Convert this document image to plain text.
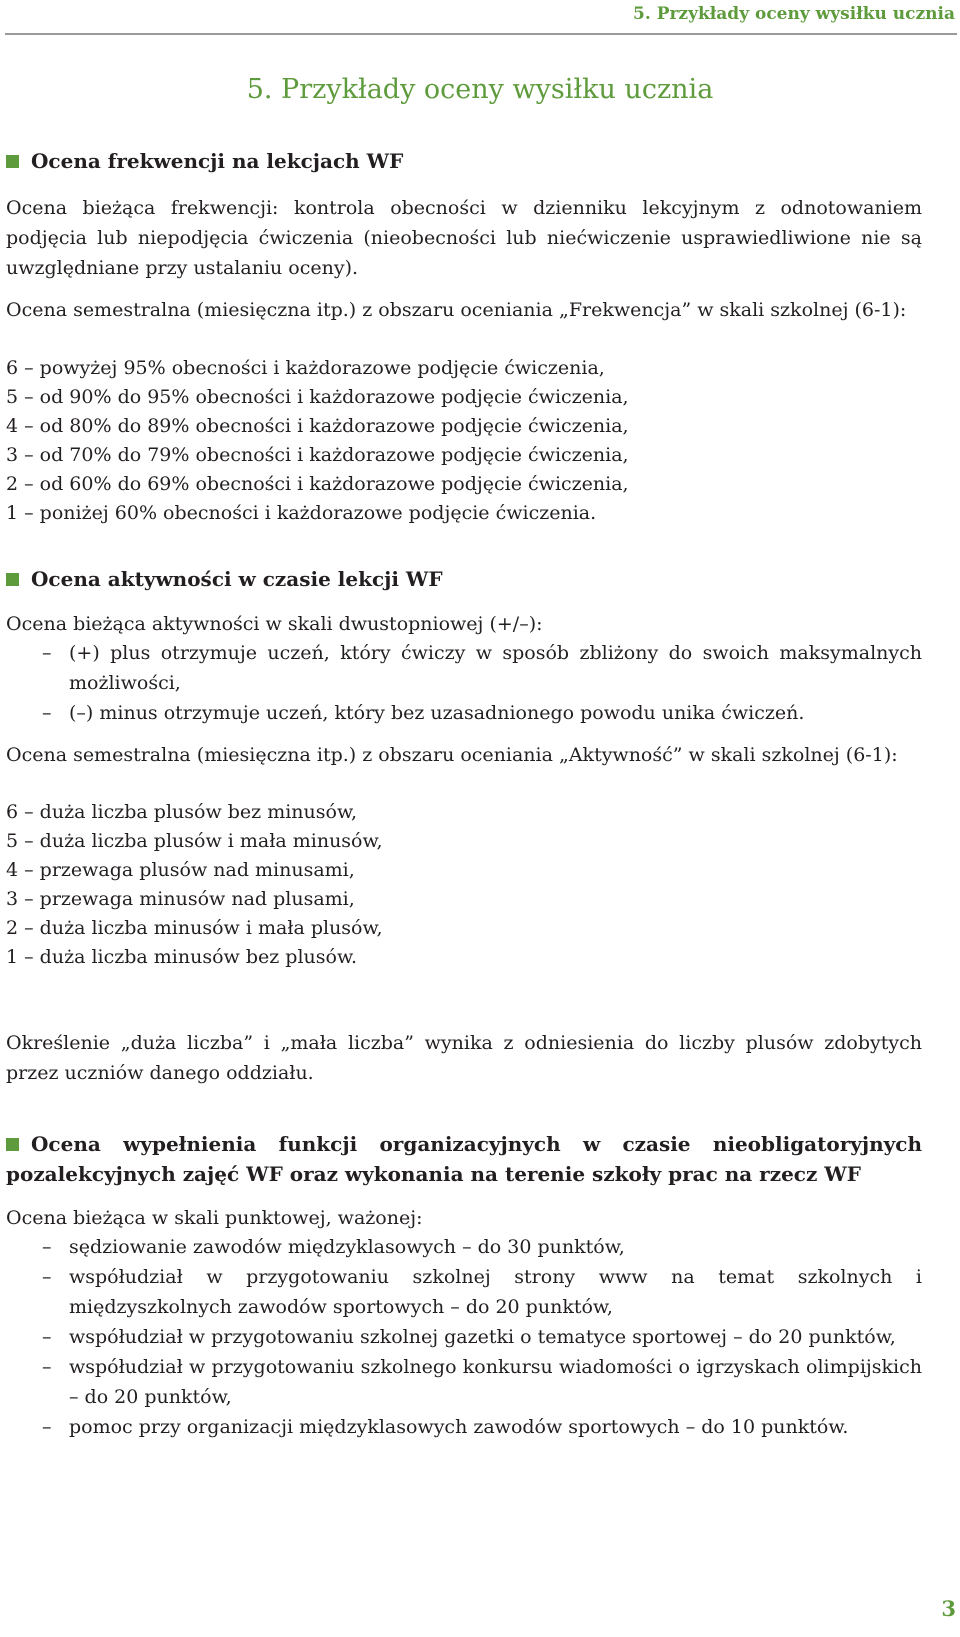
5. Przykłady oceny wysiłku ucznia
5. Przykłady oceny wysiłku ucznia
Ocena frekwencji na lekcjach WF

Ocena bieżąca frekwencji: kontrola obecności w dzienniku lekcyjnym z odnotowaniem podjęcia lub niepodjęcia ćwiczenia (nieobecności lub niećwiczenie usprawiedliwione nie są uwzględniane przy ustalaniu oceny).

Ocena semestralna (miesięczna itp.) z obszaru oceniania „Frekwencja” w skali szkolnej (6-1):

6 – powyżej 95% obecności i każdorazowe podjęcie ćwiczenia,

5 – od 90% do 95% obecności i każdorazowe podjęcie ćwiczenia,

4 – od 80% do 89% obecności i każdorazowe podjęcie ćwiczenia,

3 – od 70% do 79% obecności i każdorazowe podjęcie ćwiczenia,

2 – od 60% do 69% obecności i każdorazowe podjęcie ćwiczenia,

1 – poniżej 60% obecności i każdorazowe podjęcie ćwiczenia.

Ocena aktywności w czasie lekcji WF

Ocena bieżąca aktywności w skali dwustopniowej (+/–):

– (+) plus otrzymuje uczeń, który ćwiczy w sposób zbliżony do swoich maksymalnych możliwości,
– (–) minus otrzymuje uczeń, który bez uzasadnionego powodu unika ćwiczeń.

Ocena semestralna (miesięczna itp.) z obszaru oceniania „Aktywność” w skali szkolnej (6-1):

6 – duża liczba plusów bez minusów,

5 – duża liczba plusów i mała minusów,

4 – przewaga plusów nad minusami,

3 – przewaga minusów nad plusami,

2 – duża liczba minusów i mała plusów,

1 – duża liczba minusów bez plusów.

Określenie „duża liczba” i „mała liczba” wynika z odniesienia do liczby plusów zdobytych przez uczniów danego oddziału.

Ocena wypełnienia funkcji organizacyjnych w czasie nieobligatoryjnych pozalekcyjnych zajęć WF oraz wykonania na terenie szkoły prac na rzecz WF

Ocena bieżąca w skali punktowej, ważonej:

– sędziowanie zawodów międzyklasowych – do 30 punktów,
– współudział w przygotowaniu szkolnej strony www na temat szkolnych i międzyszkolnych zawodów sportowych – do 20 punktów,
– współudział w przygotowaniu szkolnej gazetki o tematyce sportowej – do 20 punktów,
– współudział w przygotowaniu szkolnego konkursu wiadomości o igrzyskach olimpijskich – do 20 punktów,
– pomoc przy organizacji międzyklasowych zawodów sportowych – do 10 punktów.
3
